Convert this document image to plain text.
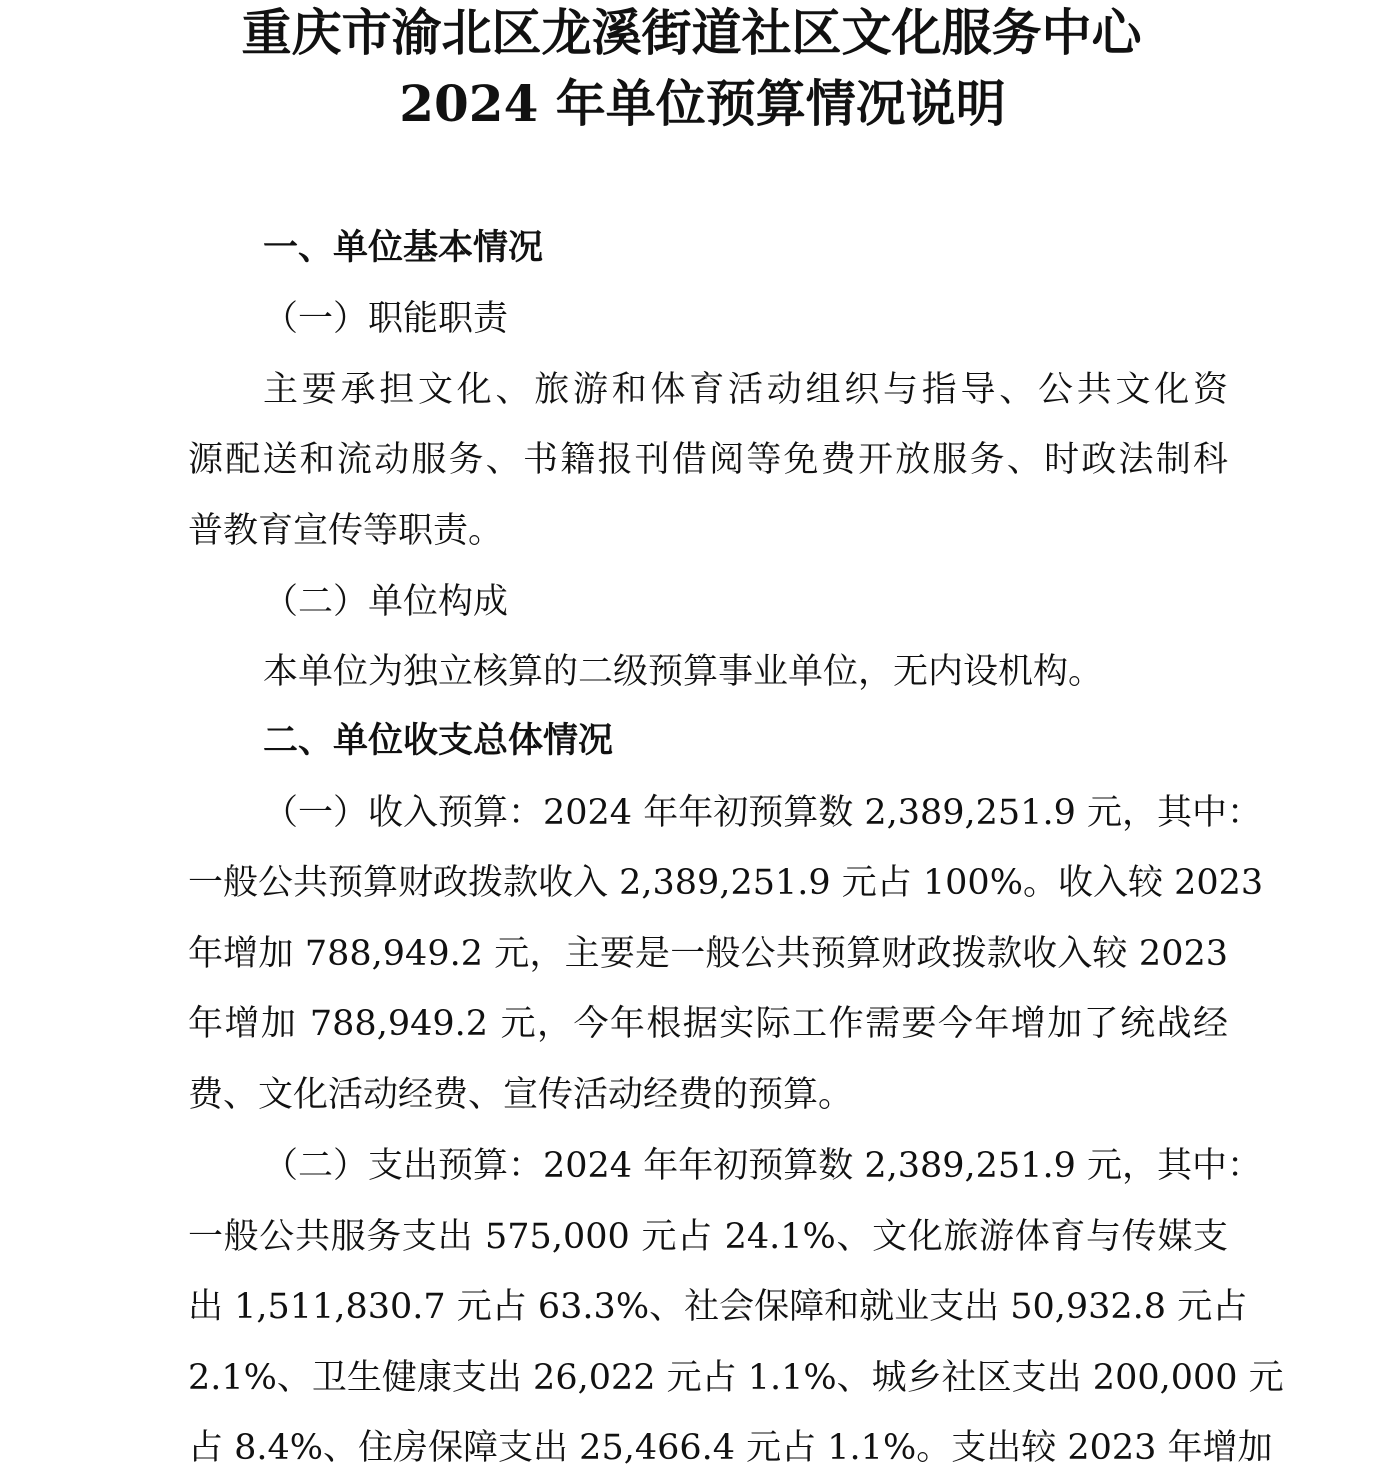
重庆市渝北区龙溪街道社区文化服务中心
2024 年单位预算情况说明
一、单位基本情况
（一）职能职责
主要承担文化、旅游和体育活动组织与指导、公共文化资
源配送和流动服务、书籍报刊借阅等免费开放服务、时政法制科
普教育宣传等职责。
（二）单位构成
本单位为独立核算的二级预算事业单位，无内设机构。
二、单位收支总体情况
（一）收入预算：2024 年年初预算数 2,389,251.9 元，其中：
一般公共预算财政拨款收入 2,389,251.9 元占 100%。收入较 2023
年增加 788,949.2 元，主要是一般公共预算财政拨款收入较 2023
年增加 788,949.2 元，今年根据实际工作需要今年增加了统战经
费、文化活动经费、宣传活动经费的预算。
（二）支出预算：2024 年年初预算数 2,389,251.9 元，其中：
一般公共服务支出 575,000 元占 24.1%、文化旅游体育与传媒支
出 1,511,830.7 元占 63.3%、社会保障和就业支出 50,932.8 元占
2.1%、卫生健康支出 26,022 元占 1.1%、城乡社区支出 200,000 元
占 8.4%、住房保障支出 25,466.4 元占 1.1%。支出较 2023 年增加
